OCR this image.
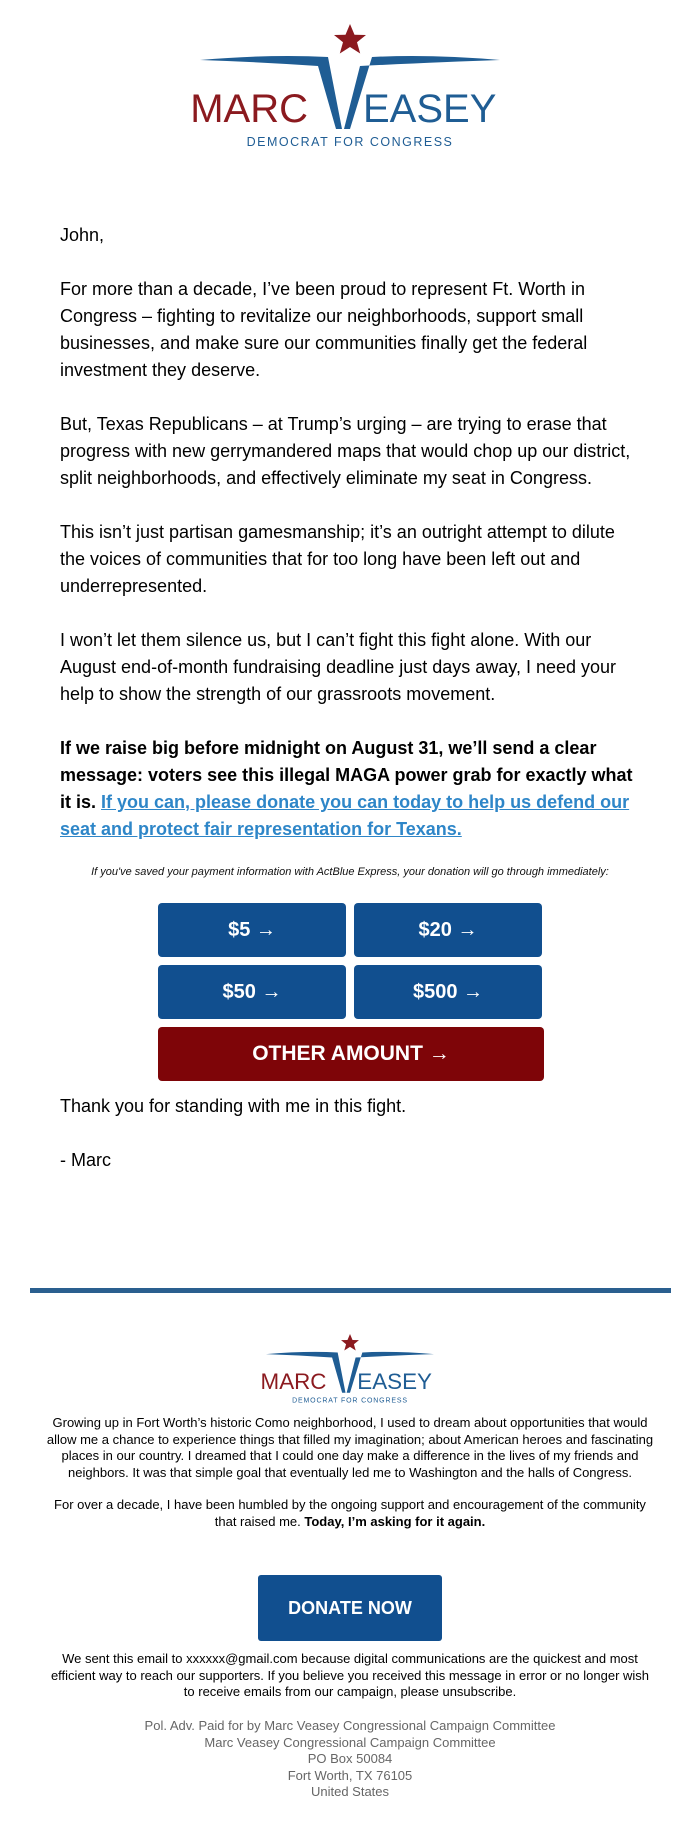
MARC EASEY
DEMOCRAT FOR CONGRESS

John,

For more than a decade, I’ve been proud to represent Ft. Worth in Congress – fighting to revitalize our neighborhoods, support small businesses, and make sure our communities finally get the federal investment they deserve.

But, Texas Republicans – at Trump’s urging – are trying to erase that progress with new gerrymandered maps that would chop up our district, split neighborhoods, and effectively eliminate my seat in Congress.

This isn’t just partisan gamesmanship; it’s an outright attempt to dilute the voices of communities that for too long have been left out and underrepresented.

I won’t let them silence us, but I can’t fight this fight alone. With our August end-of-month fundraising deadline just days away, I need your help to show the strength of our grassroots movement.

If we raise big before midnight on August 31, we’ll send a clear message: voters see this illegal MAGA power grab for exactly what it is. If you can, please donate you can today to help us defend our seat and protect fair representation for Texans.

If you've saved your payment information with ActBlue Express, your donation will go through immediately:
$5 →	$20 →
$50 →	$500 →
OTHER AMOUNT →

Thank you for standing with me in this fight.

- Marc

MARC EASEY
DEMOCRAT FOR CONGRESS

Growing up in Fort Worth’s historic Como neighborhood, I used to dream about opportunities that would allow me a chance to experience things that filled my imagination; about American heroes and fascinating places in our country. I dreamed that I could one day make a difference in the lives of my friends and neighbors. It was that simple goal that eventually led me to Washington and the halls of Congress.

For over a decade, I have been humbled by the ongoing support and encouragement of the community that raised me. Today, I’m asking for it again.

DONATE NOW
We sent this email to xxxxxx@gmail.com because digital communications are the quickest and most efficient way to reach our supporters. If you believe you received this message in error or no longer wish to receive emails from our campaign, please unsubscribe.
Pol. Adv. Paid for by Marc Veasey Congressional Campaign Committee
Marc Veasey Congressional Campaign Committee
PO Box 50084
Fort Worth, TX 76105
United States
